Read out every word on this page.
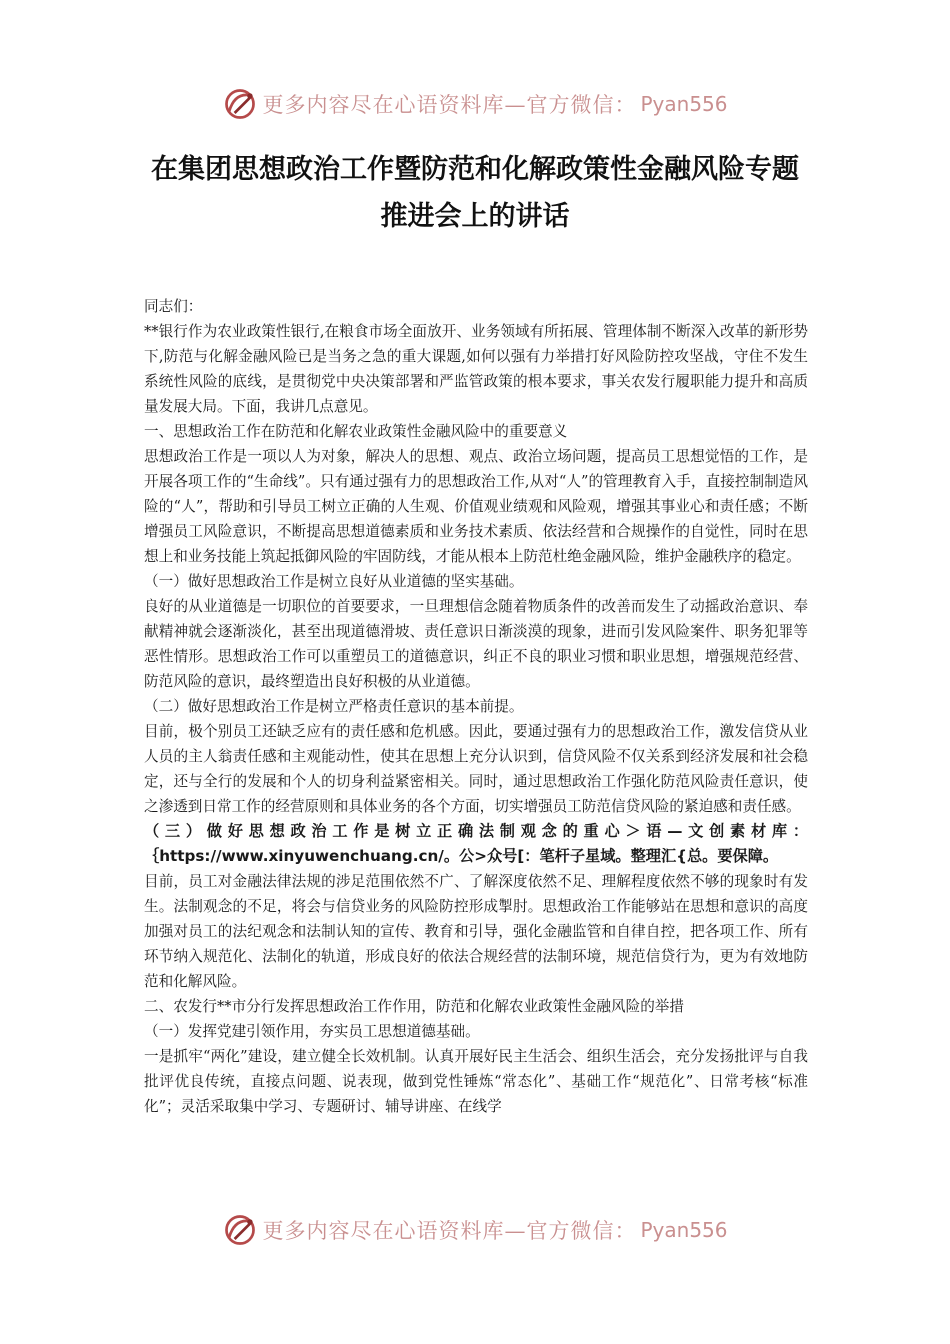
更多内容尽在心语资料库—官方微信： Pyan556
在集团思想政治工作暨防范和化解政策性金融风险专题推进会上的讲话

同志们：

**银行作为农业政策性银行,在粮食市场全面放开、业务领域有所拓展、管理体制不断深入改革的新形势下,防范与化解金融风险已是当务之急的重大课题,如何以强有力举措打好风险防控攻坚战，守住不发生系统性风险的底线，是贯彻党中央决策部署和严监管政策的根本要求，事关农发行履职能力提升和高质量发展大局。下面，我讲几点意见。

一、思想政治工作在防范和化解农业政策性金融风险中的重要意义

思想政治工作是一项以人为对象，解决人的思想、观点、政治立场问题，提高员工思想觉悟的工作，是开展各项工作的“生命线”。只有通过强有力的思想政治工作,从对“人”的管理教育入手，直接控制制造风险的“人”，帮助和引导员工树立正确的人生观、价值观业绩观和风险观，增强其事业心和责任感；不断增强员工风险意识，不断提高思想道德素质和业务技术素质、依法经营和合规操作的自觉性，同时在思想上和业务技能上筑起抵御风险的牢固防线，才能从根本上防范杜绝金融风险，维护金融秩序的稳定。

（一）做好思想政治工作是树立良好从业道德的坚实基础。

良好的从业道德是一切职位的首要要求，一旦理想信念随着物质条件的改善而发生了动摇政治意识、奉献精神就会逐渐淡化，甚至出现道德滑坡、责任意识日渐淡漠的现象，进而引发风险案件、职务犯罪等恶性情形。思想政治工作可以重塑员工的道德意识，纠正不良的职业习惯和职业思想，增强规范经营、防范风险的意识，最终塑造出良好积极的从业道德。

（二）做好思想政治工作是树立严格责任意识的基本前提。

目前，极个别员工还缺乏应有的责任感和危机感。因此，要通过强有力的思想政治工作，激发信贷从业人员的主人翁责任感和主观能动性，使其在思想上充分认识到，信贷风险不仅关系到经济发展和社会稳定，还与全行的发展和个人的切身利益紧密相关。同时，通过思想政治工作强化防范风险责任意识，使之渗透到日常工作的经营原则和具体业务的各个方面，切实增强员工防范信贷风险的紧迫感和责任感。

（三）做好思想政治工作是树立正确法制观念的重心＞语—文创素材库：｛https://www.xinyuwenchuang.cn/。公>众号[：笔杆子星域。整理汇{总。要保障。

目前，员工对金融法律法规的涉足范围依然不广、了解深度依然不足、理解程度依然不够的现象时有发生。法制观念的不足，将会与信贷业务的风险防控形成掣肘。思想政治工作能够站在思想和意识的高度加强对员工的法纪观念和法制认知的宣传、教育和引导，强化金融监管和自律自控，把各项工作、所有环节纳入规范化、法制化的轨道，形成良好的依法合规经营的法制环境，规范信贷行为，更为有效地防范和化解风险。

二、农发行**市分行发挥思想政治工作作用，防范和化解农业政策性金融风险的举措

（一）发挥党建引领作用，夯实员工思想道德基础。

一是抓牢“两化”建设，建立健全长效机制。认真开展好民主生活会、组织生活会，充分发扬批评与自我批评优良传统，直接点问题、说表现，做到党性锤炼“常态化”、基础工作“规范化”、日常考核“标准化”；灵活采取集中学习、专题研讨、辅导讲座、在线学

更多内容尽在心语资料库—官方微信： Pyan556
